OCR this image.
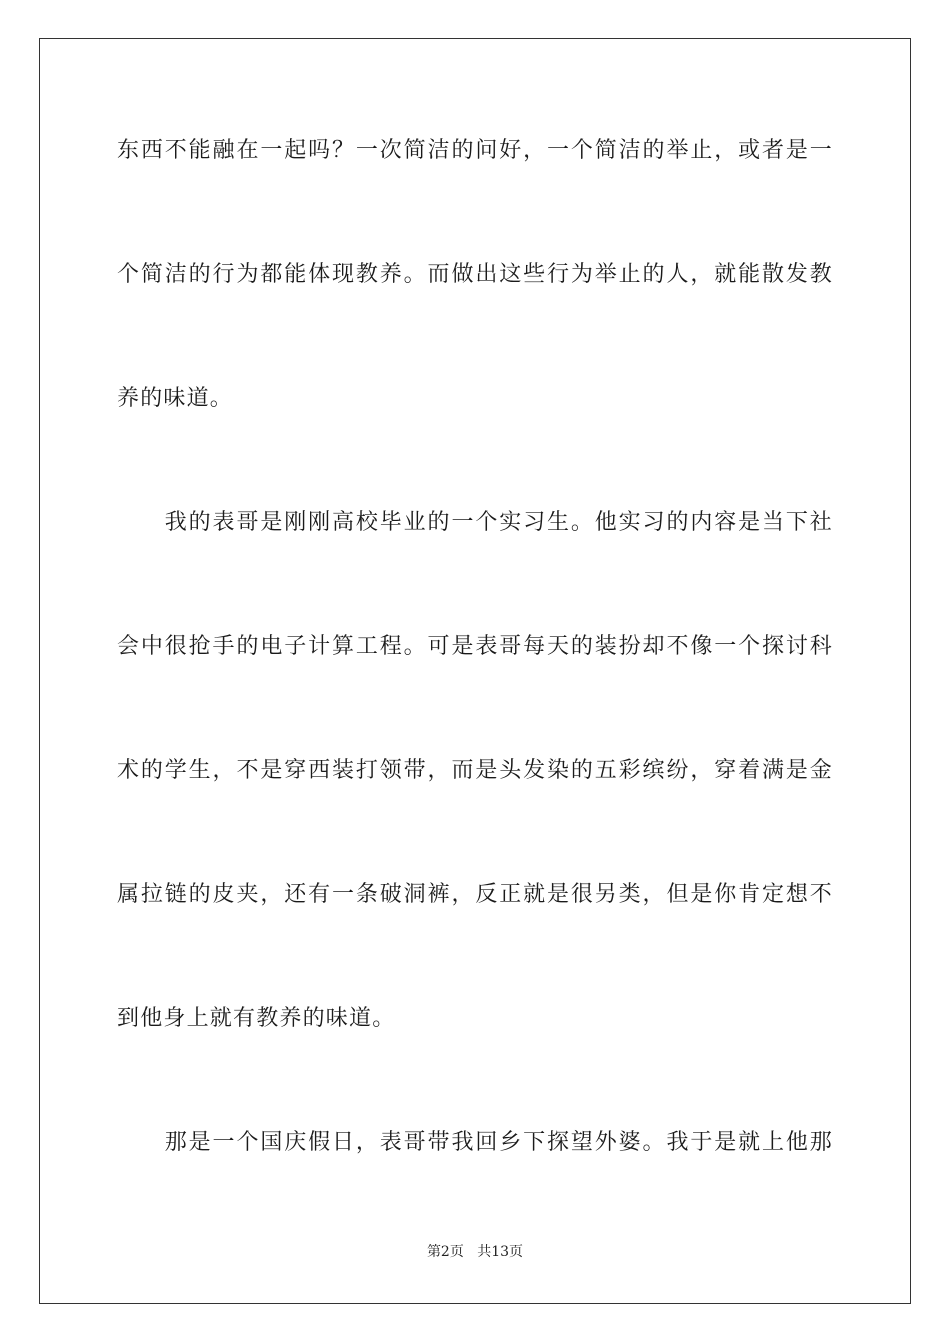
东西不能融在一起吗？一次简洁的问好，一个简洁的举止，或者是一
个简洁的行为都能体现教养。而做出这些行为举止的人，就能散发教
养的味道。
　　我的表哥是刚刚高校毕业的一个实习生。他实习的内容是当下社
会中很抢手的电子计算工程。可是表哥每天的装扮却不像一个探讨科
术的学生，不是穿西装打领带，而是头发染的五彩缤纷，穿着满是金
属拉链的皮夹，还有一条破洞裤，反正就是很另类，但是你肯定想不
到他身上就有教养的味道。
　　那是一个国庆假日，表哥带我回乡下探望外婆。我于是就上他那
第2页 共13页
